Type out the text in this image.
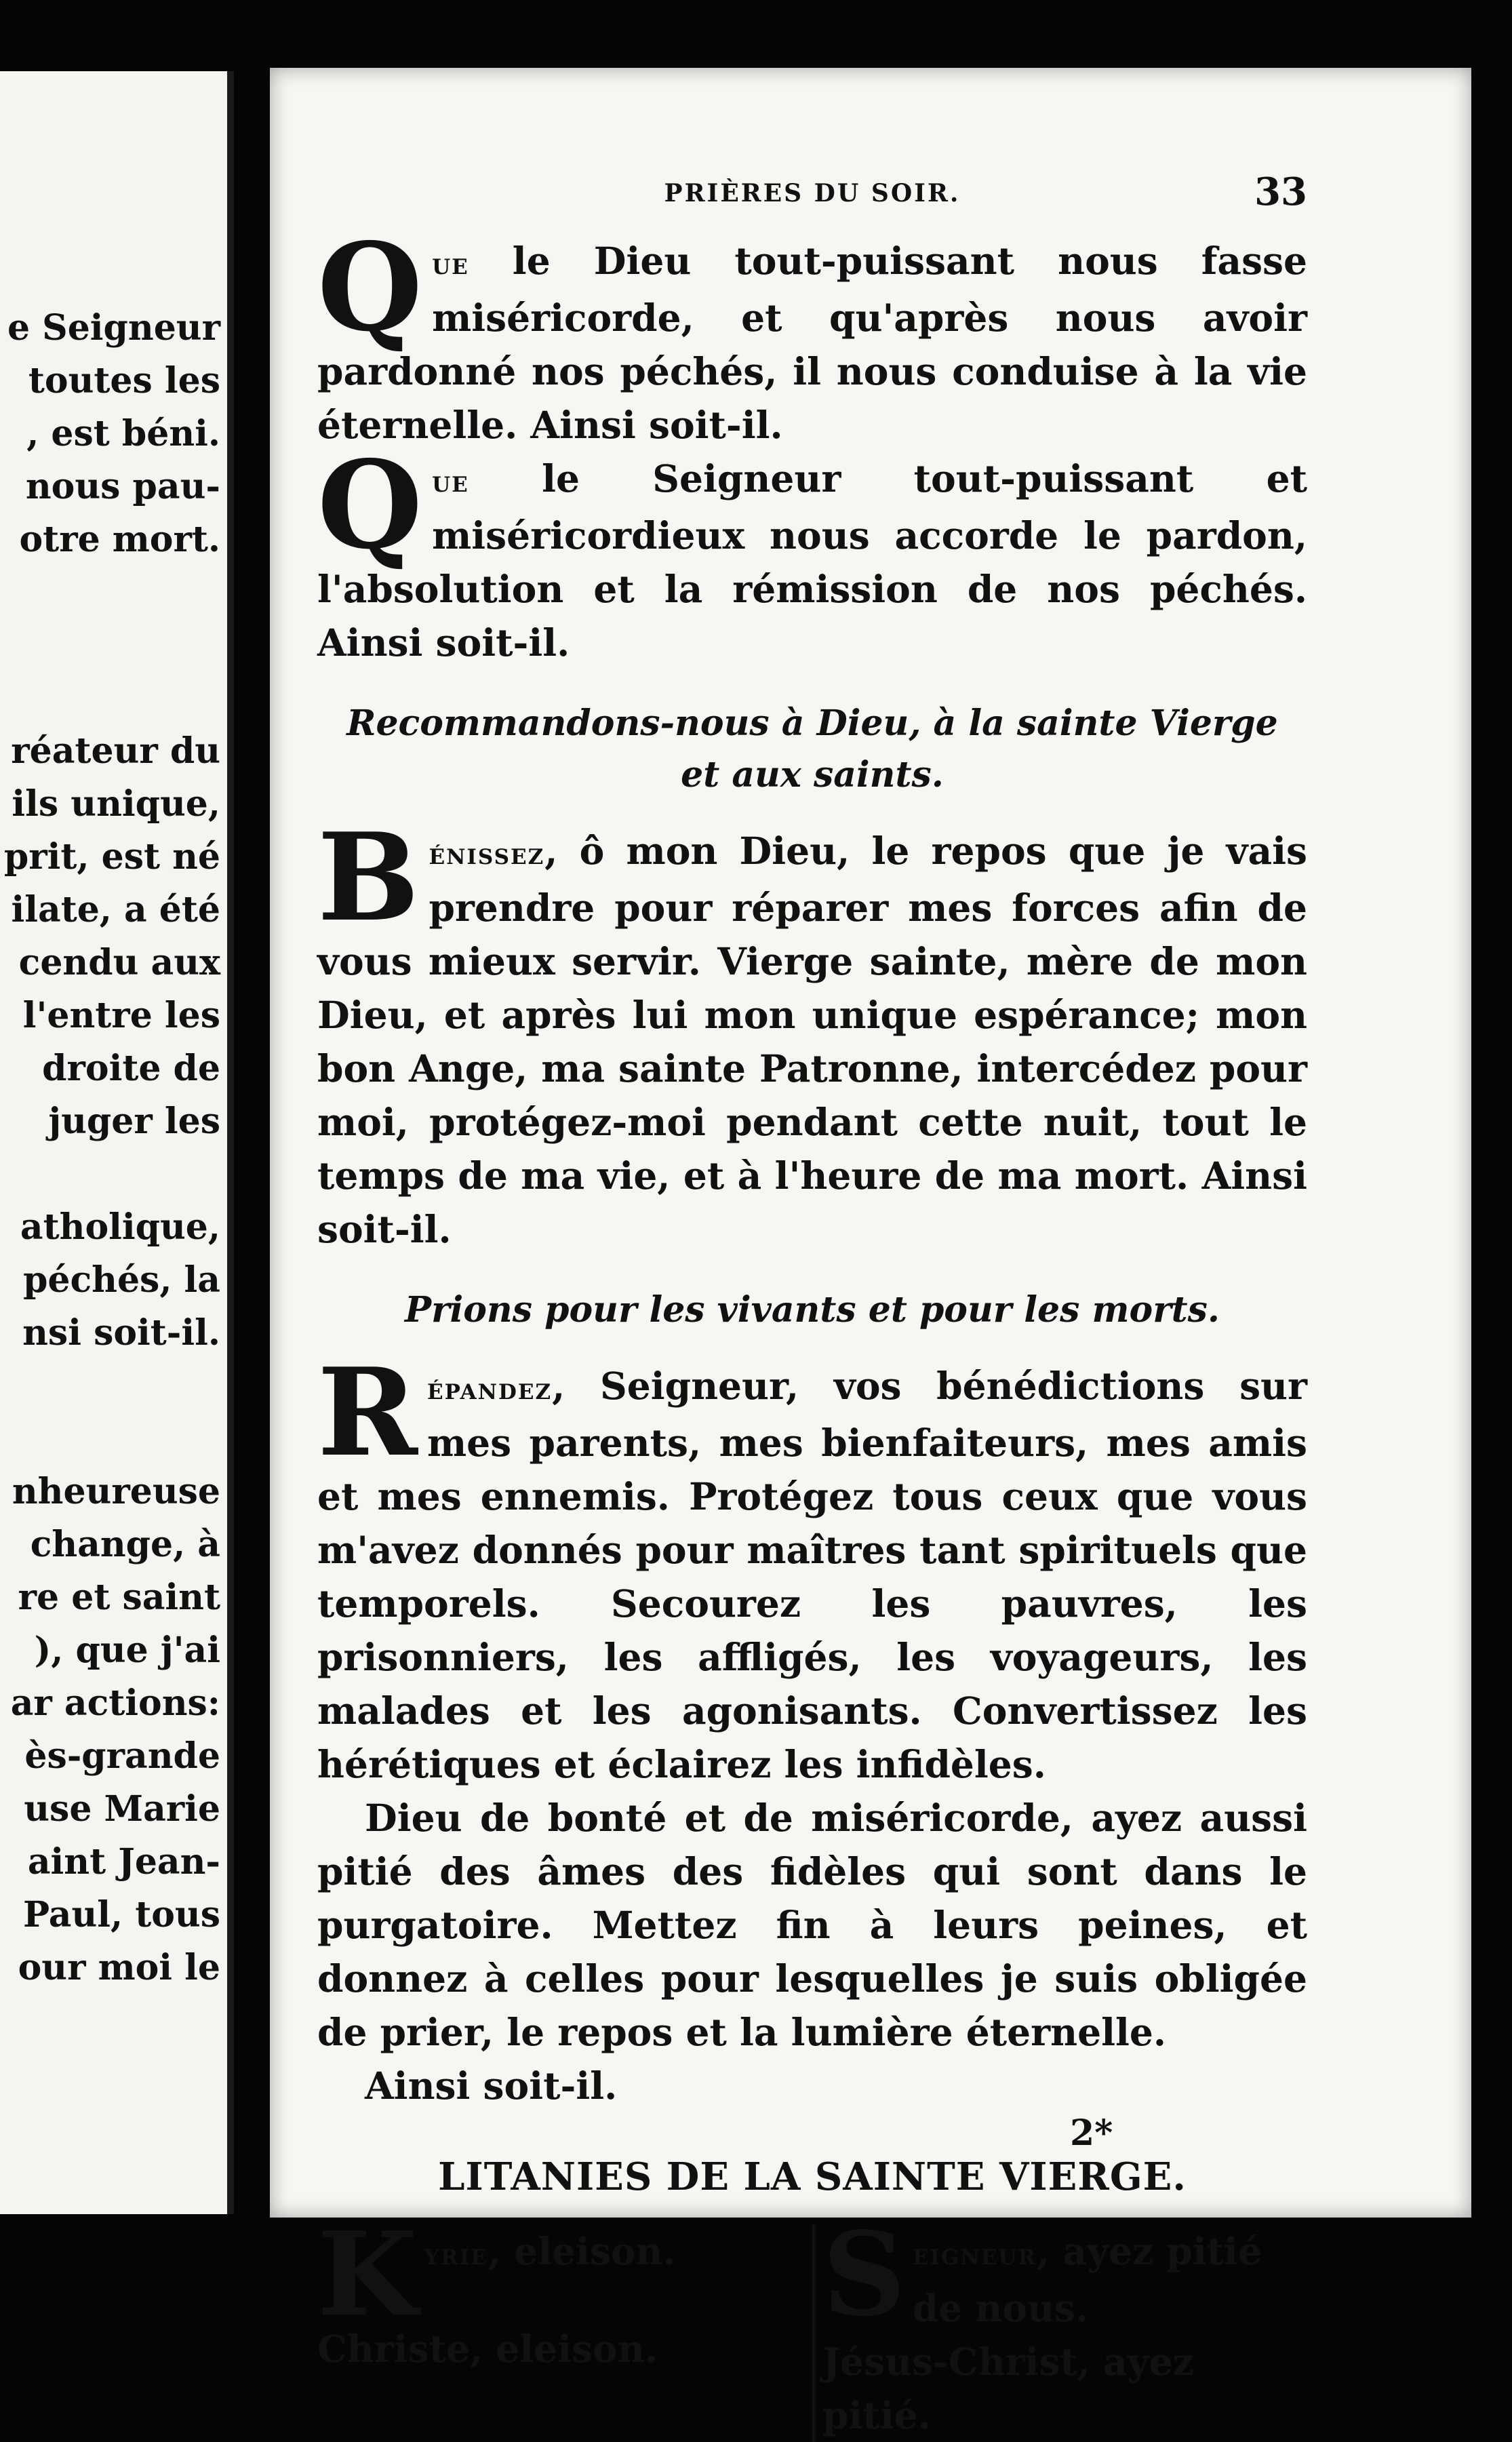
e Seigneur
toutes les
, est béni.
nous pau-
otre mort.
réateur du
ils unique,
prit, est né
ilate, a été
cendu aux
l'entre les
droite de
juger les
atholique,
péchés, la
nsi soit-il.
nheureuse
change, à
re et saint
), que j'ai
ar actions:
ès-grande
use Marie
aint Jean-
Paul, tous
our moi le
PRIÈRES DU SOIR.	33

Que le Dieu tout-puissant nous fasse miséricorde, et qu'après nous avoir pardonné nos péchés, il nous conduise à la vie éternelle. Ainsi soit-il.

Que le Seigneur tout-puissant et miséricordieux nous accorde le pardon, l'absolution et la rémission de nos péchés. Ainsi soit-il.

Recommandons-nous à Dieu, à la sainte Vierge
et aux saints.

Bénissez, ô mon Dieu, le repos que je vais prendre pour réparer mes forces afin de vous mieux servir. Vierge sainte, mère de mon Dieu, et après lui mon unique espérance; mon bon Ange, ma sainte Patronne, intercédez pour moi, protégez-moi pendant cette nuit, tout le temps de ma vie, et à l'heure de ma mort. Ainsi soit-il.

Prions pour les vivants et pour les morts.

Répandez, Seigneur, vos bénédictions sur mes parents, mes bienfaiteurs, mes amis et mes ennemis. Protégez tous ceux que vous m'avez donnés pour maîtres tant spirituels que temporels. Secourez les pauvres, les prisonniers, les affligés, les voyageurs, les malades et les agonisants. Convertissez les hérétiques et éclairez les infidèles.

Dieu de bonté et de miséricorde, ayez aussi pitié des âmes des fidèles qui sont dans le purgatoire. Mettez fin à leurs peines, et donnez à celles pour lesquelles je suis obligée de prier, le repos et la lumière éternelle.

Ainsi soit-il.

LITANIES DE LA SAINTE VIERGE.
Kyrie, eleison.
Christe, eleison.
Seigneur, ayez pitié de nous.
Jésus-Christ, ayez pitié.
2*
